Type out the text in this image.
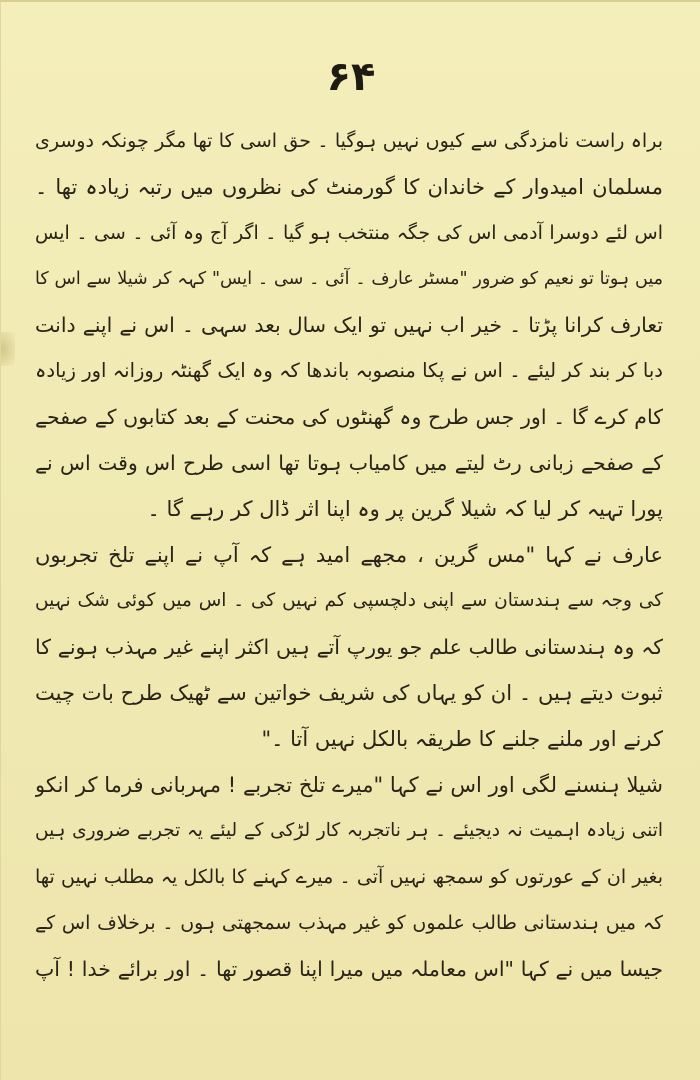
۶۴
براہ راست نامزدگی سے کیوں نہیں ہوگیا ۔ حق اسی کا تھا مگر چونکہ دوسری
مسلمان امیدوار کے خاندان کا گورمنٹ کی نظروں میں رتبہ زیادہ تھا ۔
اس لئے دوسرا آدمی اس کی جگہ منتخب ہو گیا ۔ اگر آج وہ آئی ۔ سی ۔ ایس
میں ہوتا تو نعیم کو ضرور "مسٹر عارف ۔ آئی ۔ سی ۔ ایس" کہہ کر شیلا سے اس کا
تعارف کرانا پڑتا ۔ خیر اب نہیں تو ایک سال بعد سہی ۔ اس نے اپنے دانت
دبا کر بند کر لیئے ۔ اس نے پکا منصوبہ باندھا کہ وہ ایک گھنٹہ روزانہ اور زیادہ
کام کرے گا ۔ اور جس طرح وہ گھنٹوں کی محنت کے بعد کتابوں کے صفحے
کے صفحے زبانی رٹ لیتے میں کامیاب ہوتا تھا اسی طرح اس وقت اس نے
پورا تہیہ کر لیا کہ شیلا گرین پر وہ اپنا اثر ڈال کر رہے گا ۔
عارف نے کہا "مس گرین ، مجھے امید ہے کہ آپ نے اپنے تلخ تجربوں
کی وجہ سے ہندستان سے اپنی دلچسپی کم نہیں کی ۔ اس میں کوئی شک نہیں
کہ وہ ہندستانی طالب علم جو یورپ آتے ہیں اکثر اپنے غیر مہذب ہونے کا
ثبوت دیتے ہیں ۔ ان کو یہاں کی شریف خواتین سے ٹھیک طرح بات چیت
کرنے اور ملنے جلنے کا طریقہ بالکل نہیں آتا ۔"
شیلا ہنسنے لگی اور اس نے کہا "میرے تلخ تجربے ! مہربانی فرما کر انکو
اتنی زیادہ اہمیت نہ دیجیئے ۔ ہر ناتجربہ کار لڑکی کے لیئے یہ تجربے ضروری ہیں
بغیر ان کے عورتوں کو سمجھ نہیں آتی ۔ میرے کہنے کا بالکل یہ مطلب نہیں تھا
کہ میں ہندستانی طالب علموں کو غیر مہذب سمجھتی ہوں ۔ برخلاف اس کے
جیسا میں نے کہا "اس معاملہ میں میرا اپنا قصور تھا ۔ اور برائے خدا ! آپ
